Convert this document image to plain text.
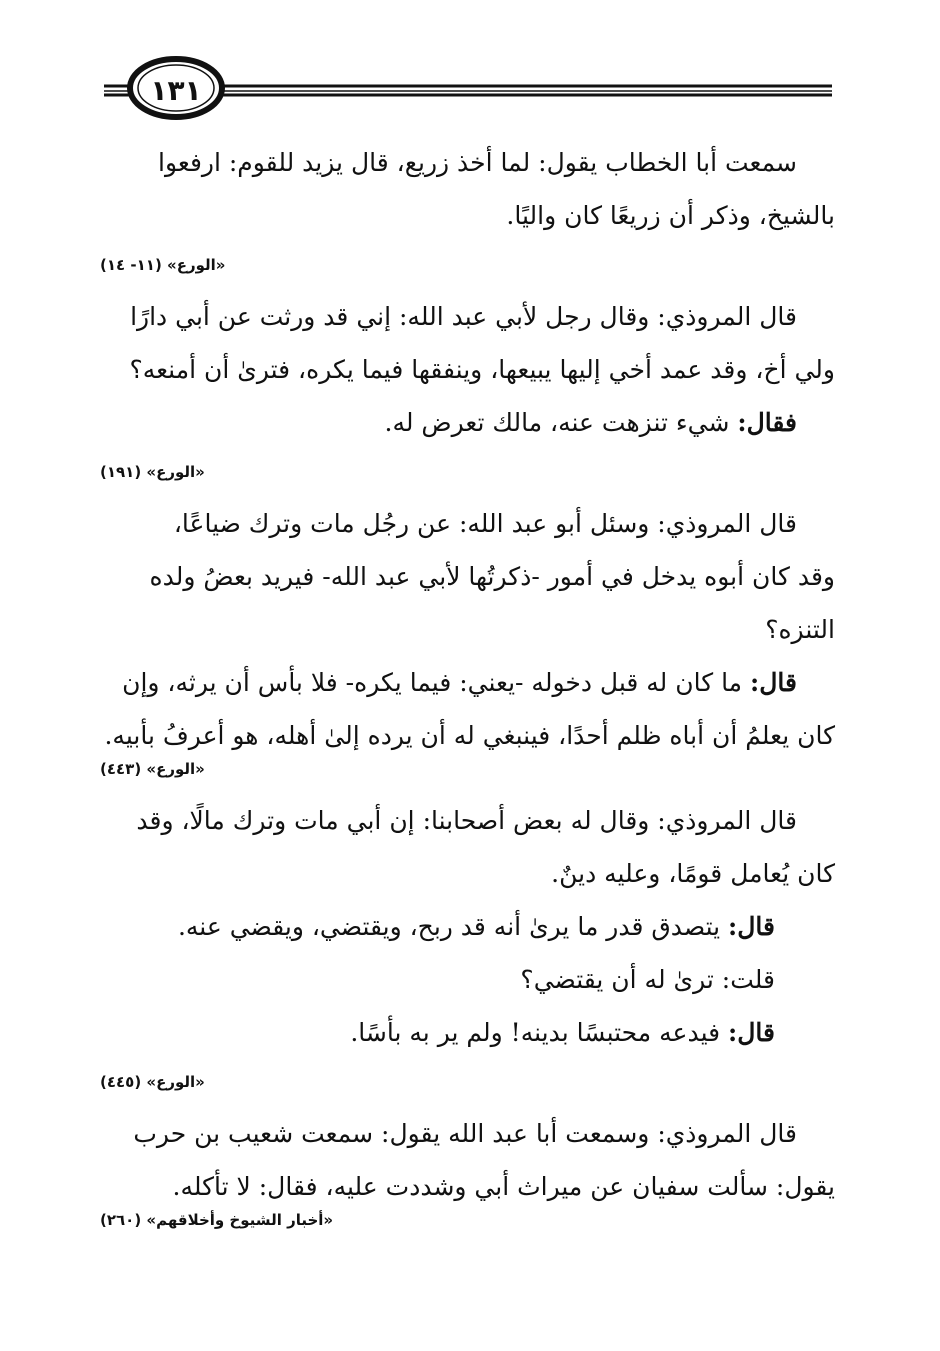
١٣١

سمعت أبا الخطاب يقول: لما أخذ زريع، قال يزيد للقوم: ارفعوا
بالشيخ، وذكر أن زريعًا كان واليًا.

«الورع» (١١- ١٤)

قال المروذي: وقال رجل لأبي عبد الله: إني قد ورثت عن أبي دارًا
ولي أخ، وقد عمد أخي إليها يبيعها، وينفقها فيما يكره، فترىٰ أن أمنعه؟
فقال: شيء تنزهت عنه، مالك تعرض له.

«الورع» (١٩١)

قال المروذي: وسئل أبو عبد الله: عن رجُل مات وترك ضياعًا،
وقد كان أبوه يدخل في أمور -ذكرتُها لأبي عبد الله- فيريد بعضُ ولده
التنزه؟
قال: ما كان له قبل دخوله -يعني: فيما يكره- فلا بأس أن يرثه، وإن
كان يعلمُ أن أباه ظلم أحدًا، فينبغي له أن يرده إلىٰ أهله، هو أعرفُ بأبيه.

«الورع» (٤٤٣)

قال المروذي: وقال له بعض أصحابنا: إن أبي مات وترك مالًا، وقد
كان يُعامل قومًا، وعليه دينٌ.
قال: يتصدق قدر ما يرىٰ أنه قد ربح، ويقتضي، ويقضي عنه.
قلت: ترىٰ له أن يقتضي؟
قال: فيدعه محتبسًا بدينه! ولم ير به بأسًا.

«الورع» (٤٤٥)

قال المروذي: وسمعت أبا عبد الله يقول: سمعت شعيب بن حرب
يقول: سألت سفيان عن ميراث أبي وشددت عليه، فقال: لا تأكله.

«أخبار الشيوخ وأخلاقهم» (٢٦٠)
